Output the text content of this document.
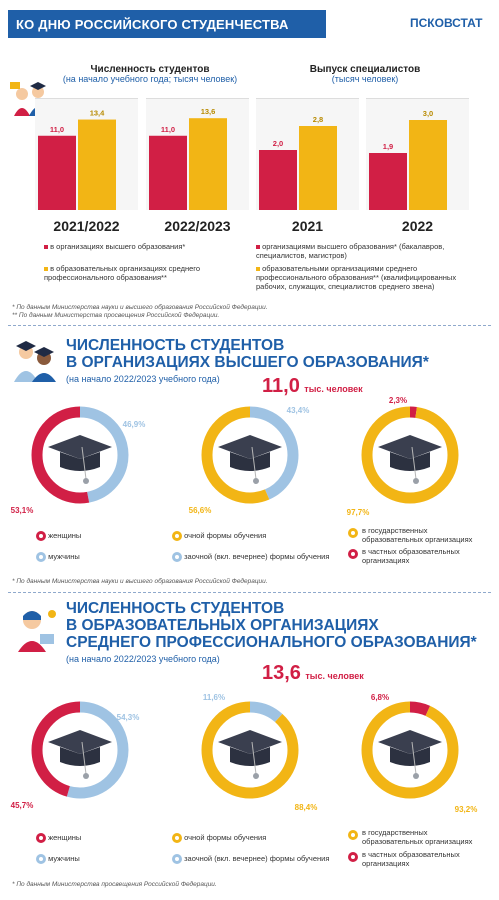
КО ДНЮ РОССИЙСКОГО СТУДЕНЧЕСТВА	ПСКОВСТАТ
Численность студентов
(на начало учебного года; тысяч человек)
Выпуск специалистов
(тысяч человек)
11,0
13,4
11,0
13,6
2,0
2,8
1,9
3,0
2021/2022	2022/2023	2021	2022
в организациях высшего образования*
в образовательных организациях среднего профессионального образования**
организациями высшего образования* (бакалавров, специалистов, магистров)
образовательными организациями среднего профессионального образования** (квалифицированных рабочих, служащих, специалистов среднего звена)
* По данным Министерства науки и высшего образования Российской Федерации.
** По данным Министерства просвещения Российской Федерации.
ЧИСЛЕННОСТЬ СТУДЕНТОВ
В ОРГАНИЗАЦИЯХ ВЫСШЕГО ОБРАЗОВАНИЯ*
(на начало 2022/2023 учебного года) 11,0 тыс. человек
53,1%
46,9%
56,6%
43,4%
97,7%
2,3%
женщины
мужчины
очной формы обучения
заочной (вкл. вечернее) формы обучения
в государственных образовательных организациях
в частных образовательных организациях
* По данным Министерства науки и высшего образования Российской Федерации.
ЧИСЛЕННОСТЬ СТУДЕНТОВ
В ОБРАЗОВАТЕЛЬНЫХ ОРГАНИЗАЦИЯХ
СРЕДНЕГО ПРОФЕССИОНАЛЬНОГО ОБРАЗОВАНИЯ*
(на начало 2022/2023 учебного года)
13,6 тыс. человек
45,7%
54,3%
88,4%
11,6%
93,2%
6,8%
женщины
мужчины
очной формы обучения
заочной (вкл. вечернее) формы обучения
в государственных образовательных организациях
в частных образовательных организациях
* По данным Министерства просвещения Российской Федерации.
